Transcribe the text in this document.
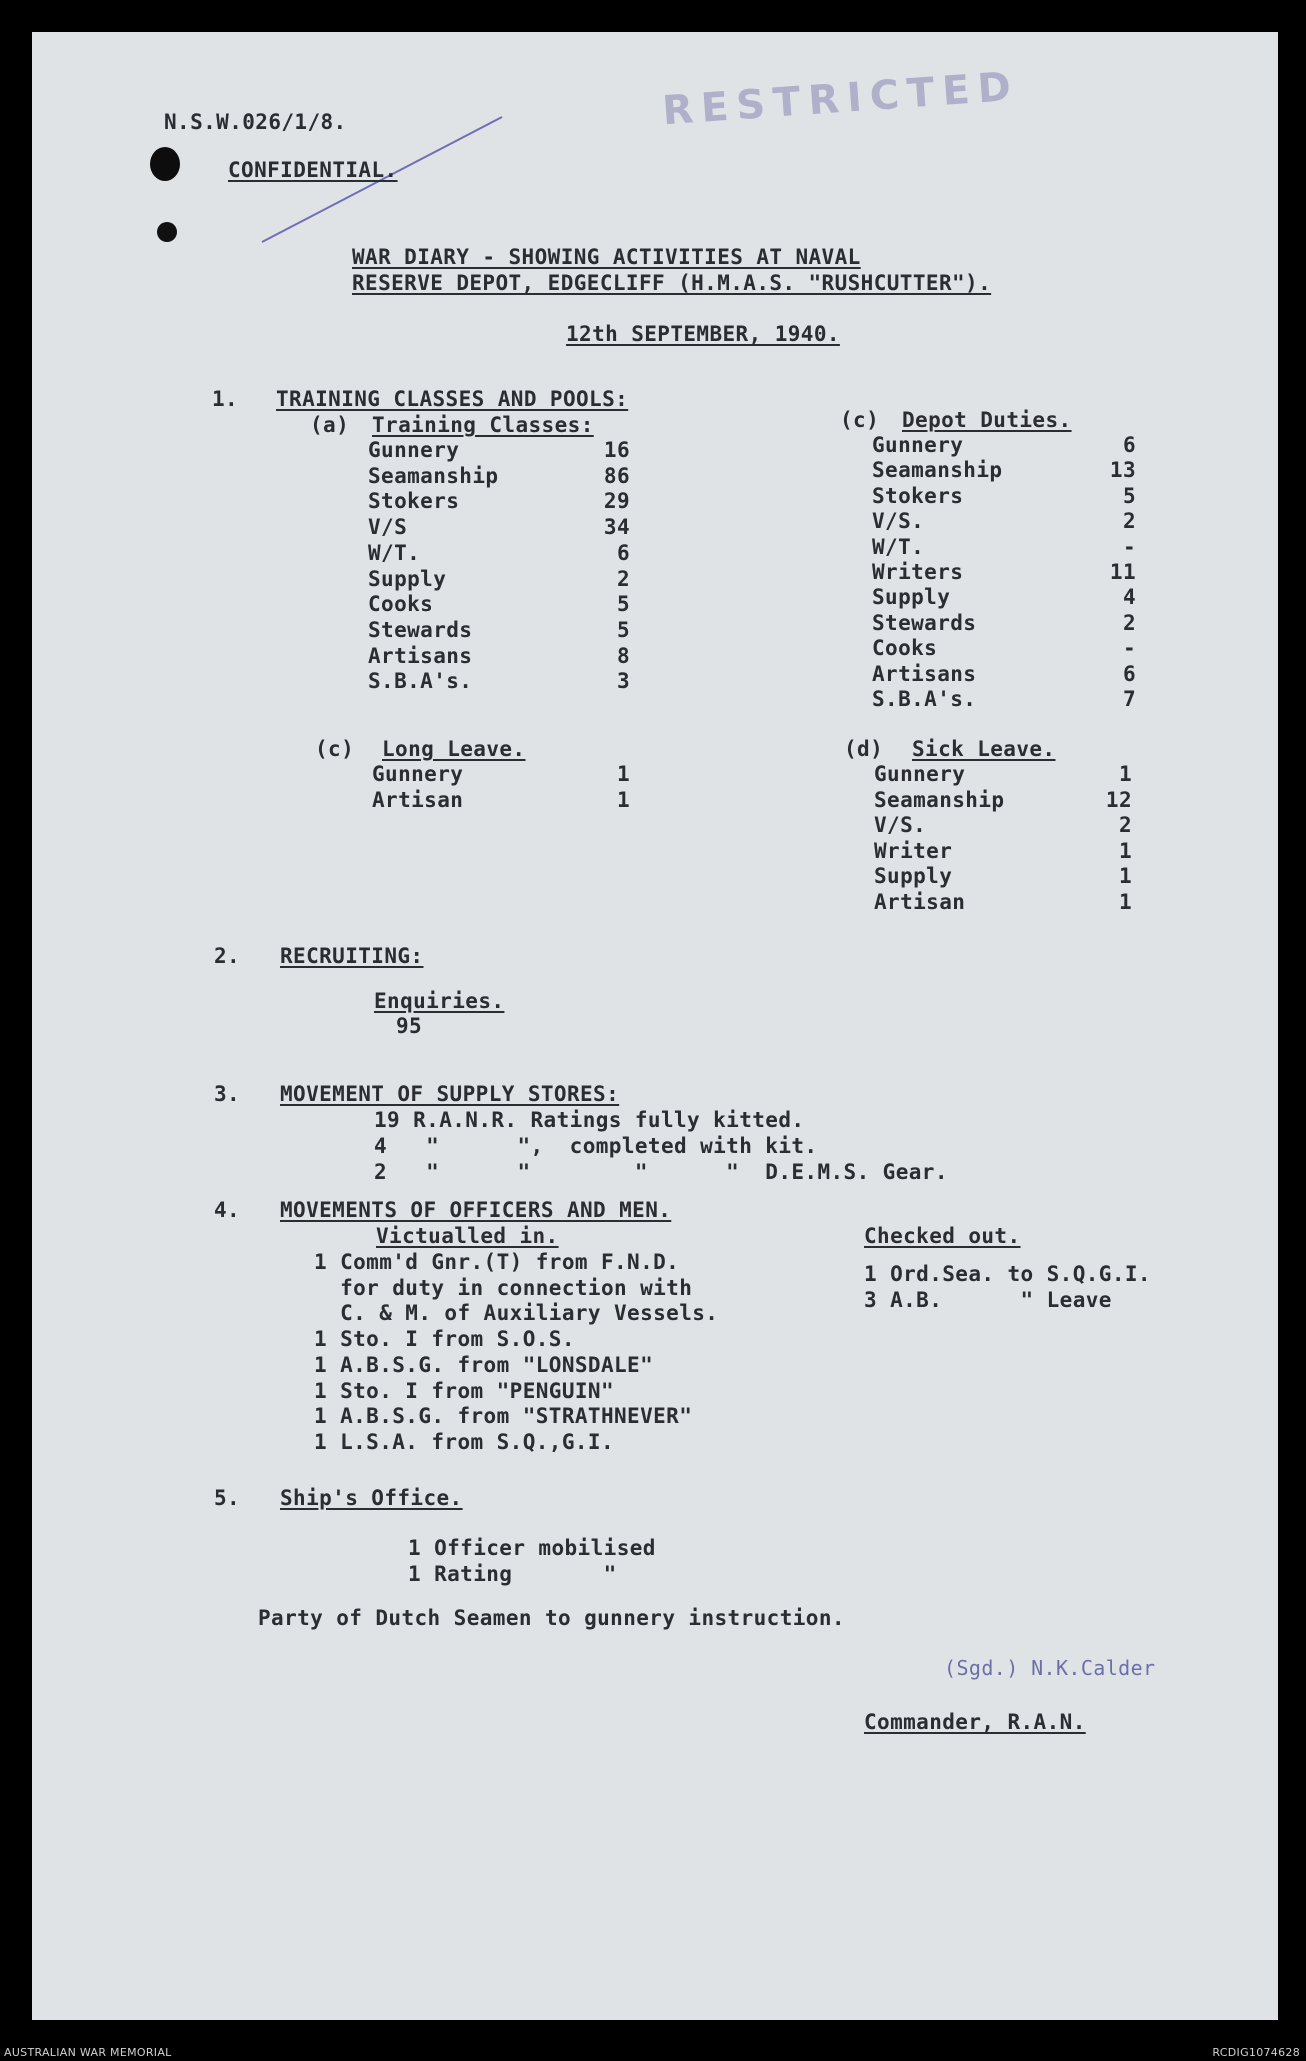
RESTRICTED
N.S.W.026/1/8.
CONFIDENTIAL.
WAR DIARY - SHOWING ACTIVITIES AT NAVAL
RESERVE DEPOT, EDGECLIFF (H.M.A.S. "RUSHCUTTER").
12th SEPTEMBER, 1940.
1. TRAINING CLASSES AND POOLS:
(a) Training Classes:
Gunnery	16
Seamanship	86
Stokers	29
V/S	34
W/T.	6
Supply	2
Cooks	5
Stewards	5
Artisans	8
S.B.A's.	3
(c) Depot Duties.
Gunnery	6
Seamanship	13
Stokers	5
V/S.	2
W/T.	-
Writers	11
Supply	4
Stewards	2
Cooks	-
Artisans	6
S.B.A's.	7
(c) Long Leave.
Gunnery	1
Artisan	1
(d) Sick Leave.
Gunnery	1
Seamanship	12
V/S.	2
Writer	1
Supply	1
Artisan	1
2. RECRUITING:
Enquiries.
95
3. MOVEMENT OF SUPPLY STORES:
19 R.A.N.R. Ratings fully kitted.
4   "      ",  completed with kit.
2   "      "        "      "  D.E.M.S. Gear.
4. MOVEMENTS OF OFFICERS AND MEN.
Victualled in.
1 Comm'd Gnr.(T) from F.N.D.
for duty in connection with
C. & M. of Auxiliary Vessels.
1 Sto. I from S.O.S.
1 A.B.S.G. from "LONSDALE"
1 Sto. I from "PENGUIN"
1 A.B.S.G. from "STRATHNEVER"
1 L.S.A. from S.Q.,G.I.
Checked out.
1 Ord.Sea. to S.Q.G.I.
3 A.B.      " Leave
5. Ship's Office.
1 Officer mobilised
1 Rating       "
Party of Dutch Seamen to gunnery instruction.
(Sgd.) N.K.Calder
Commander, R.A.N.
AUSTRALIAN WAR MEMORIAL	RCDIG1074628
